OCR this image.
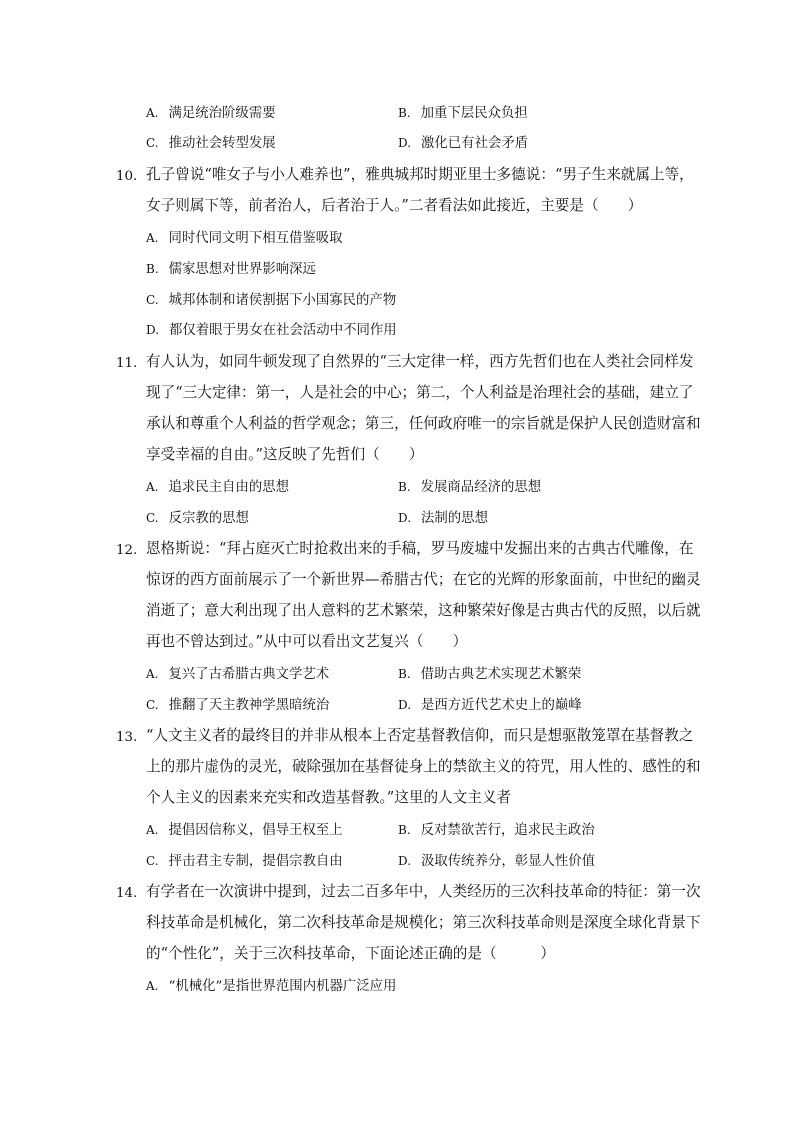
A. 满足统治阶级需要	B. 加重下层民众负担
C. 推动社会转型发展	D. 激化已有社会矛盾
10. 孔子曾说“唯女子与小人难养也”，雅典城邦时期亚里士多德说：“男子生来就属上等，
女子则属下等，前者治人，后者治于人。”二者看法如此接近，主要是（　　）
A. 同时代同文明下相互借鉴吸取
B. 儒家思想对世界影响深远
C. 城邦体制和诸侯割据下小国寡民的产物
D. 都仅着眼于男女在社会活动中不同作用
11. 有人认为，如同牛顿发现了自然界的“三大定律一样，西方先哲们也在人类社会同样发
现了“三大定律：第一，人是社会的中心；第二，个人利益是治理社会的基础，建立了
承认和尊重个人利益的哲学观念；第三，任何政府唯一的宗旨就是保护人民创造财富和
享受幸福的自由。”这反映了先哲们（　　）
A. 追求民主自由的思想	B. 发展商品经济的思想
C. 反宗教的思想	D. 法制的思想
12. 恩格斯说：“拜占庭灭亡时抢救出来的手稿，罗马废墟中发掘出来的古典古代雕像，在
惊讶的西方面前展示了一个新世界—希腊古代；在它的光辉的形象面前，中世纪的幽灵
消逝了；意大利出现了出人意料的艺术繁荣，这种繁荣好像是古典古代的反照，以后就
再也不曾达到过。”从中可以看出文艺复兴（　　）
A. 复兴了古希腊古典文学艺术	B. 借助古典艺术实现艺术繁荣
C. 推翻了天主教神学黑暗统治	D. 是西方近代艺术史上的巅峰
13. “人文主义者的最终目的并非从根本上否定基督教信仰，而只是想驱散笼罩在基督教之
上的那片虚伪的灵光，破除强加在基督徒身上的禁欲主义的符咒，用人性的、感性的和
个人主义的因素来充实和改造基督教。”这里的人文主义者
A. 提倡因信称义，倡导王权至上	B. 反对禁欲苦行，追求民主政治
C. 抨击君主专制，提倡宗教自由	D. 汲取传统养分，彰显人性价值
14. 有学者在一次演讲中提到，过去二百多年中，人类经历的三次科技革命的特征：第一次
科技革命是机械化，第二次科技革命是规模化；第三次科技革命则是深度全球化背景下
的“个性化”，关于三次科技革命，下面论述正确的是（　　　）
A. “机械化”是指世界范围内机器广泛应用
